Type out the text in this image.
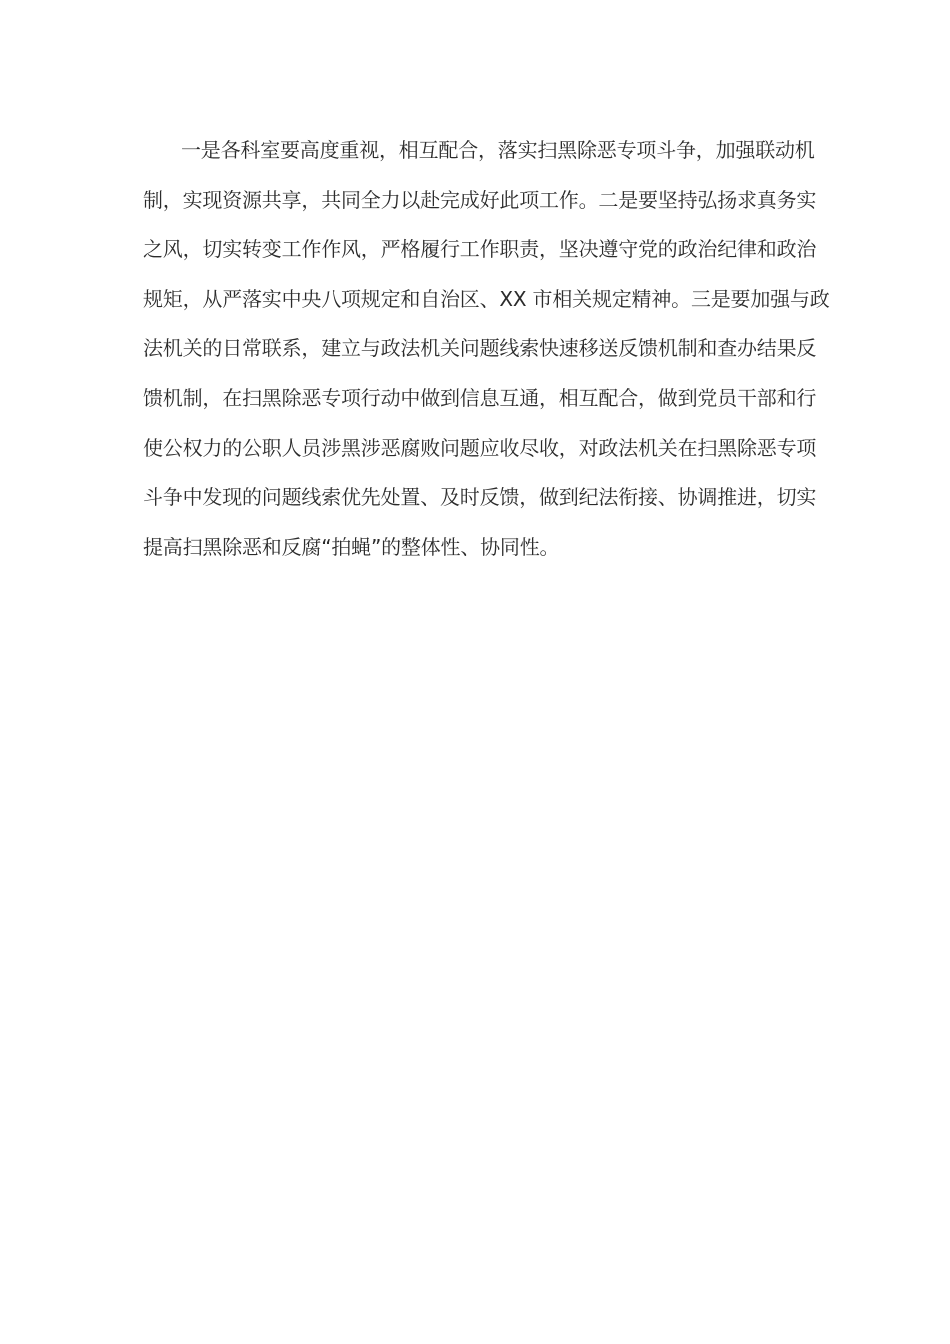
一是各科室要高度重视，相互配合，落实扫黑除恶专项斗争，加强联动机
制，实现资源共享，共同全力以赴完成好此项工作。二是要坚持弘扬求真务实
之风，切实转变工作作风，严格履行工作职责，坚决遵守党的政治纪律和政治
规矩，从严落实中央八项规定和自治区、XX 市相关规定精神。三是要加强与政
法机关的日常联系，建立与政法机关问题线索快速移送反馈机制和查办结果反
馈机制，在扫黑除恶专项行动中做到信息互通，相互配合，做到党员干部和行
使公权力的公职人员涉黑涉恶腐败问题应收尽收，对政法机关在扫黑除恶专项
斗争中发现的问题线索优先处置、及时反馈，做到纪法衔接、协调推进，切实
提高扫黑除恶和反腐“拍蝇”的整体性、协同性。
